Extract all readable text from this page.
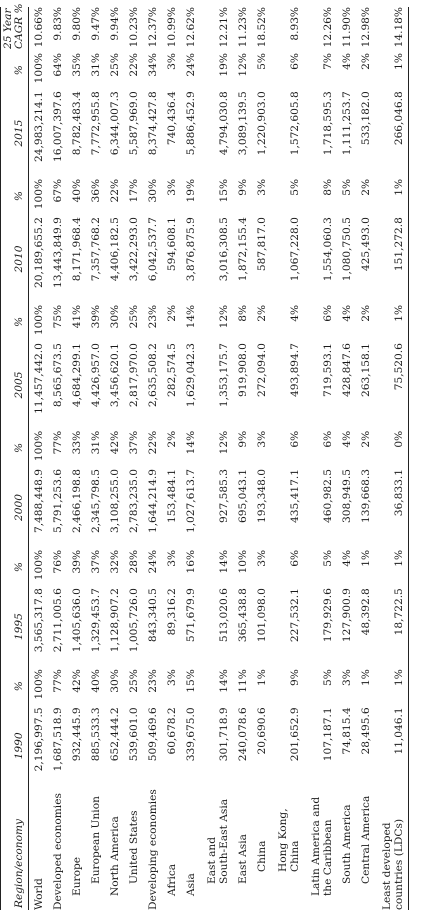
Region/economy	1990	%	1995	%	2000	%	2005	%	2010	%	2015	%	25 Year
CAGR %

World	2,196,997.5	100%	3,565,317.8	100%	7,488,448.9	100%	11,457,442.0	100%	20,189,655.2	100%	24,983,214.1	100%	10.66%

Developed economies	1,687,518.9	77%	2,711,005.6	76%	5,791,253.6	77%	8,565,673.5	75%	13,443,849.9	67%	16,007,397.6	64%	9.83%

Europe	932,445.9	42%	1,405,636.0	39%	2,466,198.8	33%	4,684,299.1	41%	8,171,968.4	40%	8,782,483.4	35%	9.80%

European Union	885,533.3	40%	1,329,453.7	37%	2,345,798.5	31%	4,426,957.0	39%	7,357,768.2	36%	7,772,955.8	31%	9.47%

North America	652,444.2	30%	1,128,907.2	32%	3,108,255.0	42%	3,456,620.1	30%	4,406,182.5	22%	6,344,007.3	25%	9.94%

United States	539,601.0	25%	1,005,726.0	28%	2,783,235.0	37%	2,817,970.0	25%	3,422,293.0	17%	5,587,969.0	22%	10.23%

Developing economies	509,469.6	23%	843,340.5	24%	1,644,214.9	22%	2,635,508.2	23%	6,042,537.7	30%	8,374,427.8	34%	12.37%

Africa	60,678.2	3%	89,316.2	3%	153,484.1	2%	282,574.5	2%	594,608.1	3%	740,436.4	3%	10.99%

Asia	339,675.0	15%	571,679.9	16%	1,027,613.7	14%	1,629,042.3	14%	3,876,875.9	19%	5,886,452.9	24%	12.62%

East and South-East Asia	301,718.9	14%	513,020.6	14%	927,585.3	12%	1,353,175.7	12%	3,016,308.5	15%	4,794,030.8	19%	12.21%

East Asia	240,078.6	11%	365,438.8	10%	695,043.1	9%	919,908.0	8%	1,872,155.4	9%	3,089,139.5	12%	11.23%

China	20,690.6	1%	101,098.0	3%	193,348.0	3%	272,094.0	2%	587,817.0	3%	1,220,903.0	5%	18.52%

Hong Kong, China	201,652.9	9%	227,532.1	6%	435,417.1	6%	493,894.7	4%	1,067,228.0	5%	1,572,605.8	6%	8.93%

Latin America and the Caribbean	107,187.1	5%	179,929.6	5%	460,982.5	6%	719,593.1	6%	1,554,060.3	8%	1,718,595.3	7%	12.26%

South America	74,815.4	3%	127,900.9	4%	308,949.5	4%	428,847.6	4%	1,080,750.5	5%	1,111,253.7	4%	11.90%

Central America	28,495.6	1%	48,392.8	1%	139,668.3	2%	263,158.1	2%	425,493.0	2%	533,182.0	2%	12.98%

Least developed countries (LDCs)	11,046.1	1%	18,722.5	1%	36,833.1	0%	75,520.6	1%	151,272.8	1%	266,046.8	1%	14.18%
